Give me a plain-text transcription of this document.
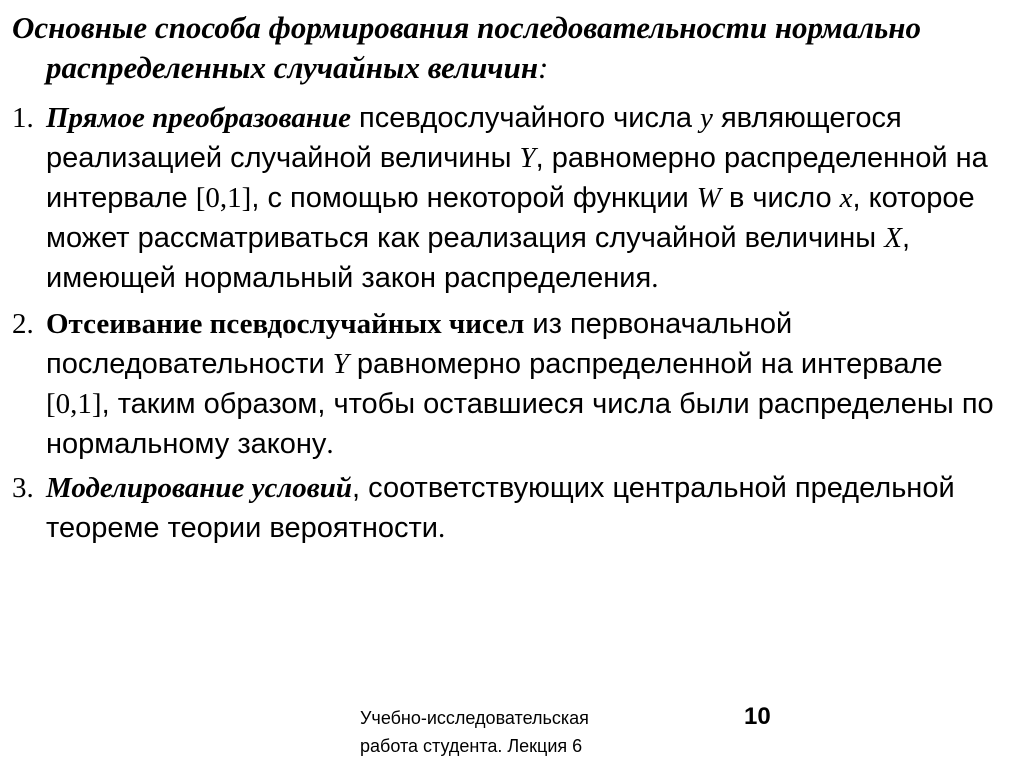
Основные способа формирования последовательности нормально
распределенных случайных величин:

1. Прямое преобразование псевдослучайного числа y являющегося реализацией случайной величины Y, равномерно распределенной на интервале [0,1], с помощью некоторой функции W в число x, которое может рассматриваться как реализация случайной величины X, имеющей нормальный закон распределения.

2. Отсеивание псевдослучайных чисел из первоначальной последовательности Y равномерно распределенной на интервале [0,1], таким образом, чтобы оставшиеся числа были распределены по нормальному закону.

3. Моделирование условий, соответствующих центральной предельной теореме теории вероятности.

Учебно-исследовательская
работа студента. Лекция 6
10
